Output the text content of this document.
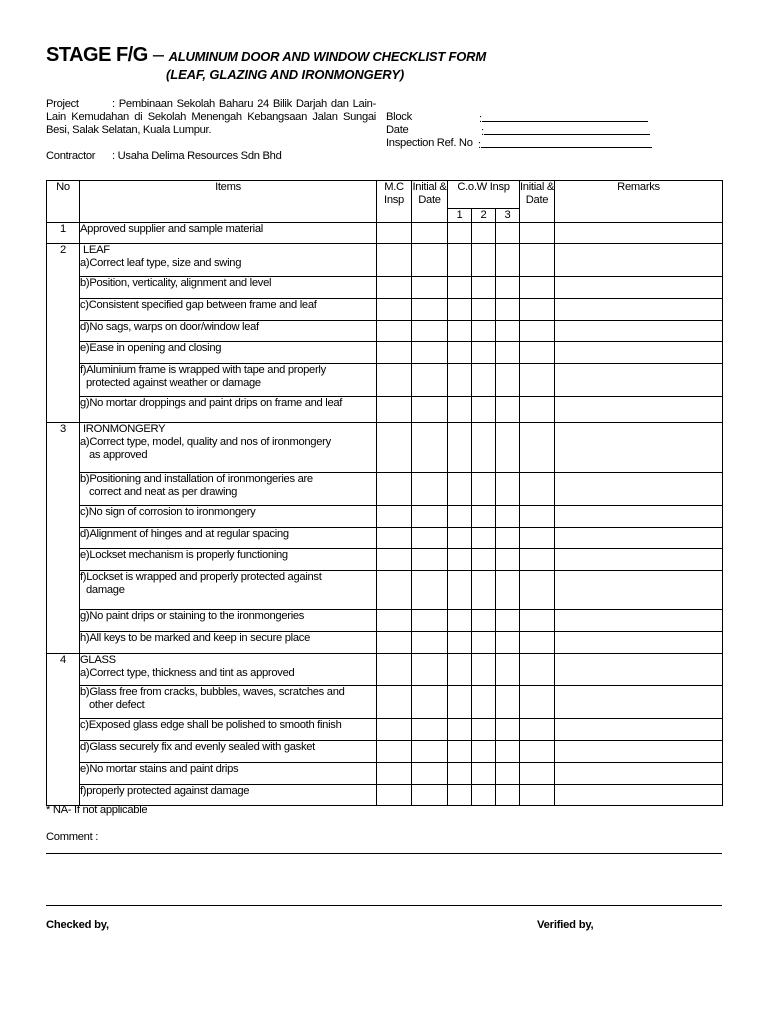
STAGE F/G – ALUMINUM DOOR AND WINDOW CHECKLIST FORM
(LEAF, GLAZING AND IRONMONGERY)
Project	: Pembinaan Sekolah Baharu 24 Bilik Darjah dan Lain-
Lain Kemudahan di Sekolah Menengah Kebangsaan Jalan Sungai
Besi, Salak Selatan, Kuala Lumpur.
Block	:
Date	:
Inspection Ref. No :
Contractor : Usaha Delima Resources Sdn Bhd
No	Items	M.C Insp	Initial & Date	C.o.W Insp			Initial & Date	Remarks
				1	2	3		
1	Approved supplier and sample material							
2	LEAF
a)Correct leaf type, size and swing							
	b)Position, verticality, alignment and level							
	c)Consistent specified gap between frame and leaf							
	d)No sags, warps on door/window leaf							
	e)Ease in opening and closing							
	f)Aluminium frame is wrapped with tape and properly
protected against weather or damage							
	g)No mortar droppings and paint drips on frame and leaf							
3	IRONMONGERY
a)Correct type, model, quality and nos of ironmongery
as approved							
	b)Positioning and installation of ironmongeries are
correct and neat as per drawing							
	c)No sign of corrosion to ironmongery							
	d)Alignment of hinges and at regular spacing							
	e)Lockset mechanism is properly functioning							
	f)Lockset is wrapped and properly protected against
damage							
	g)No paint drips or staining to the ironmongeries							
	h)All keys to be marked and keep in secure place							
4	GLASS
a)Correct type, thickness and tint as approved							
	b)Glass free from cracks, bubbles, waves, scratches and
other defect							
	c)Exposed glass edge shall be polished to smooth finish							
	d)Glass securely fix and evenly sealed with gasket							
	e)No mortar stains and paint drips							
	f)properly protected against damage							
* NA- If not applicable
Comment :
Checked by,	Verified by,
